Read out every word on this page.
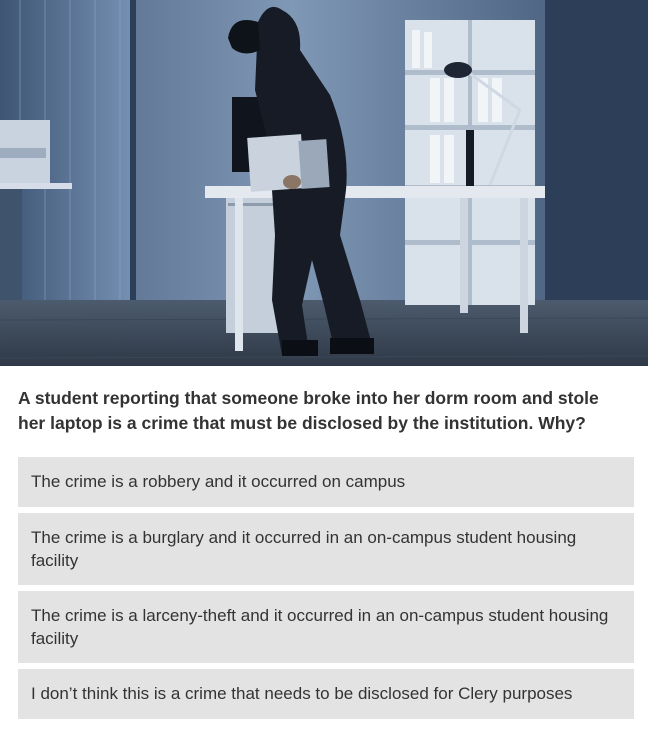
A student reporting that someone broke into her dorm room and stole her laptop is a crime that must be disclosed by the institution. Why?
The crime is a robbery and it occurred on campus
The crime is a burglary and it occurred in an on-campus student housing facility
The crime is a larceny-theft and it occurred in an on-campus student housing facility
I don’t think this is a crime that needs to be disclosed for Clery purposes
